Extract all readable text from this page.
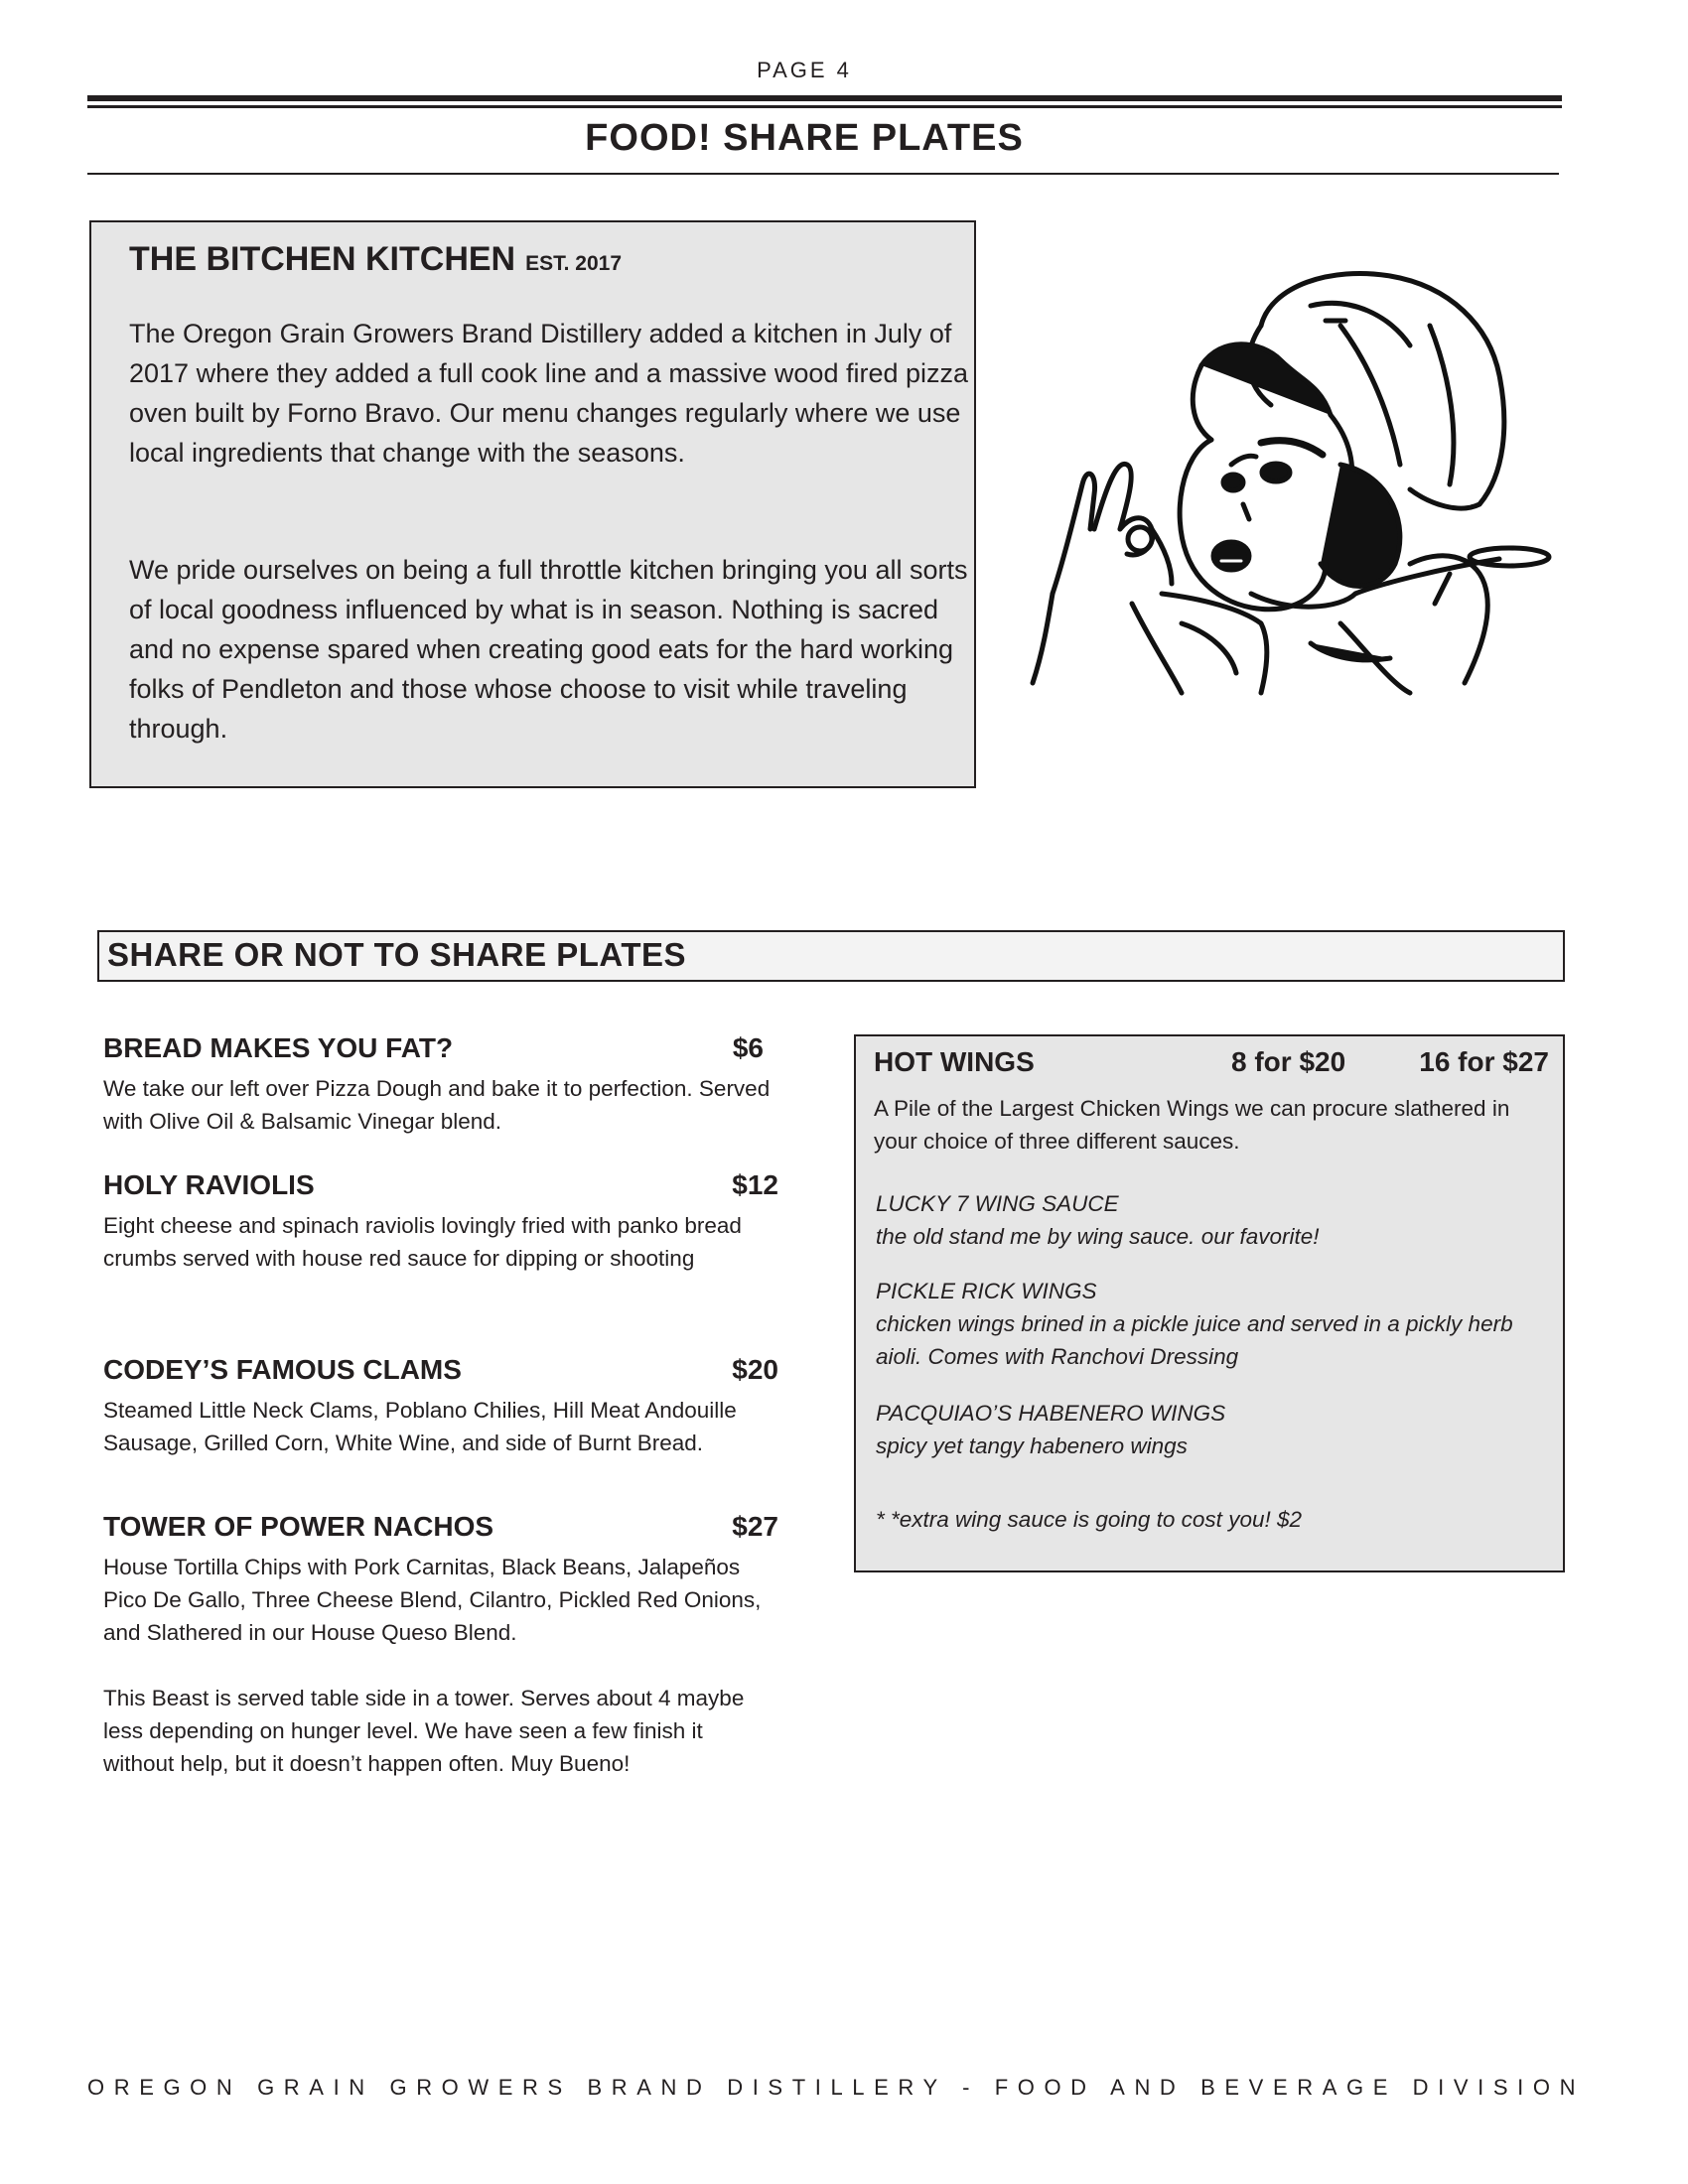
PAGE 4
FOOD! SHARE PLATES
THE BITCHEN KITCHEN EST. 2017
The Oregon Grain Growers Brand Distillery added a kitchen in July of 2017 where they added a full cook line and a massive wood fired pizza oven built by Forno Bravo. Our menu changes regularly where we use local ingredients that change with the seasons.
We pride ourselves on being a full throttle kitchen bringing you all sorts of local goodness influenced by what is in season. Nothing is sacred and no expense spared when creating good eats for the hard working folks of Pendleton and those whose choose to visit while traveling through.
SHARE OR NOT TO SHARE PLATES
BREAD MAKES YOU FAT?	$6
We take our left over Pizza Dough and bake it to perfection. Served with Olive Oil & Balsamic Vinegar blend.
HOLY RAVIOLIS	$12
Eight cheese and spinach raviolis lovingly fried with panko bread crumbs served with house red sauce for dipping or shooting
CODEY’S FAMOUS CLAMS	$20
Steamed Little Neck Clams, Poblano Chilies, Hill Meat Andouille Sausage, Grilled Corn, White Wine, and side of Burnt Bread.
TOWER OF POWER NACHOS	$27
House Tortilla Chips with Pork Carnitas, Black Beans, Jalapeños Pico De Gallo, Three Cheese Blend, Cilantro, Pickled Red Onions, and Slathered in our House Queso Blend.
This Beast is served table side in a tower. Serves about 4 maybe less depending on hunger level. We have seen a few finish it without help, but it doesn’t happen often. Muy Bueno!
HOT WINGS	8 for $20	16 for $27
A Pile of the Largest Chicken Wings we can procure slathered in your choice of three different sauces.
LUCKY 7 WING SAUCE
the old stand me by wing sauce. our favorite!
PICKLE RICK WINGS
chicken wings brined in a pickle juice and served in a pickly herb aioli. Comes with Ranchovi Dressing
PACQUIAO’S HABENERO WINGS
spicy yet tangy habenero wings
* *extra wing sauce is going to cost you! $2
OREGON GRAIN GROWERS BRAND DISTILLERY - FOOD AND BEVERAGE DIVISION
